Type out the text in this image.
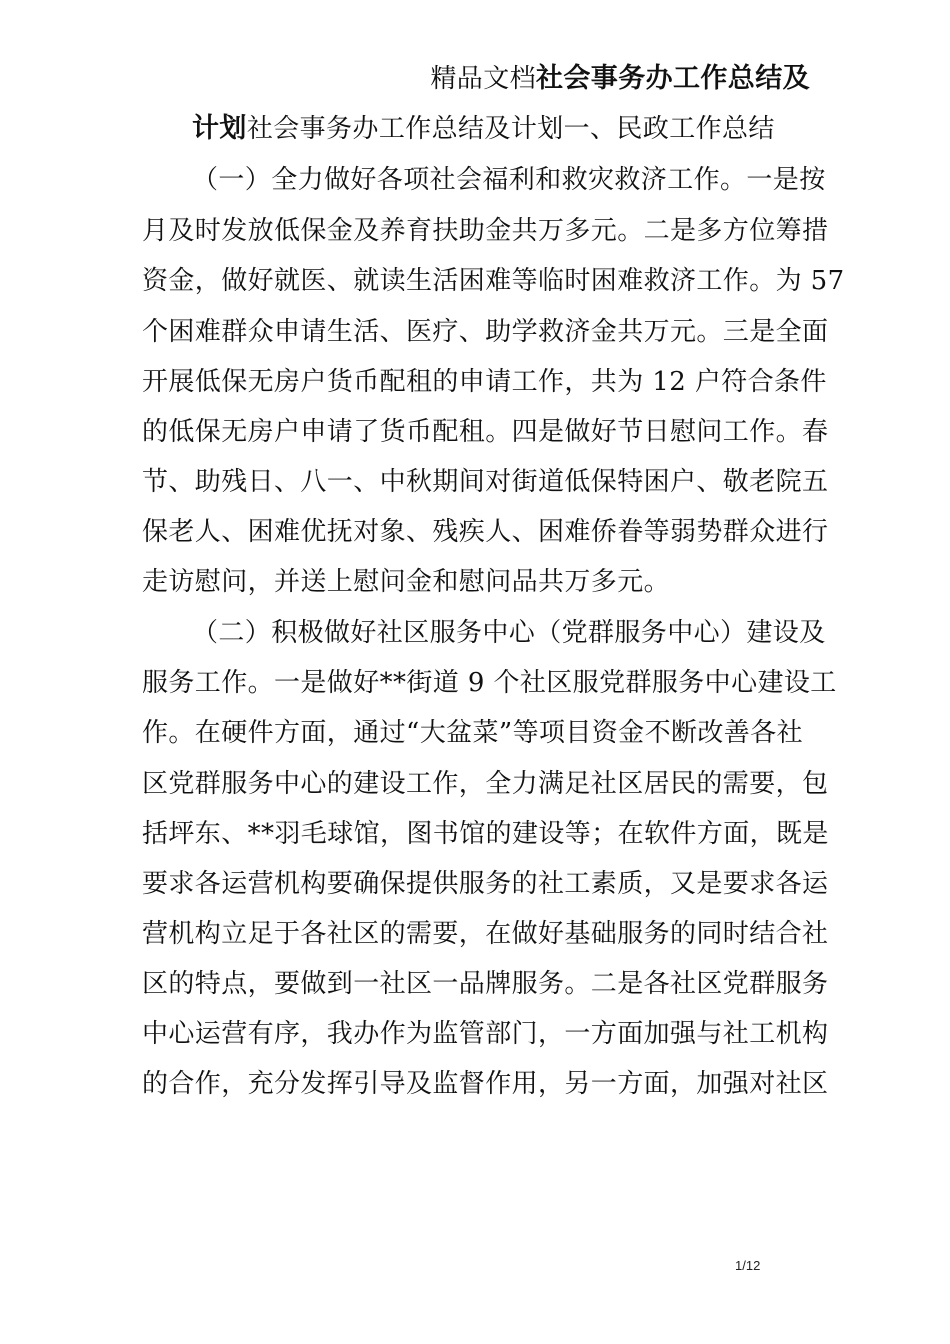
精品文档社会事务办工作总结及
计划社会事务办工作总结及计划一、民政工作总结
（一）全力做好各项社会福利和救灾救济工作。一是按
月及时发放低保金及养育扶助金共万多元。二是多方位筹措
资金，做好就医、就读生活困难等临时困难救济工作。为 57
个困难群众申请生活、医疗、助学救济金共万元。三是全面
开展低保无房户货币配租的申请工作，共为 12 户符合条件
的低保无房户申请了货币配租。四是做好节日慰问工作。春
节、助残日、八一、中秋期间对街道低保特困户、敬老院五
保老人、困难优抚对象、残疾人、困难侨眷等弱势群众进行
走访慰问，并送上慰问金和慰问品共万多元。
（二）积极做好社区服务中心（党群服务中心）建设及
服务工作。一是做好**街道 9 个社区服党群服务中心建设工
作。在硬件方面，通过“大盆菜”等项目资金不断改善各社
区党群服务中心的建设工作，全力满足社区居民的需要，包
括坪东、**羽毛球馆，图书馆的建设等；在软件方面，既是
要求各运营机构要确保提供服务的社工素质，又是要求各运
营机构立足于各社区的需要，在做好基础服务的同时结合社
区的特点，要做到一社区一品牌服务。二是各社区党群服务
中心运营有序，我办作为监管部门，一方面加强与社工机构
的合作，充分发挥引导及监督作用，另一方面，加强对社区
1/12
